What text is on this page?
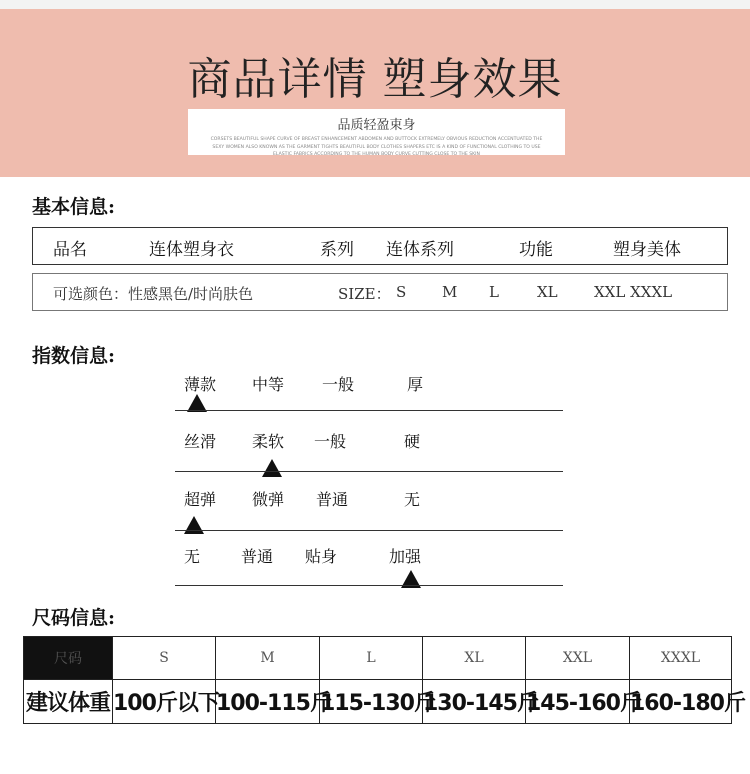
商品详情 塑身效果
品质轻盈束身
CORSETS BEAUTIFUL SHAPE CURVE OF BREAST ENHANCEMENT ABDOMEN AND BUTTOCK EXTREMELY OBVIOUS REDUCTION ACCENTUATED THE SEXY WOMEN ALSO KNOWN AS THE GARMENT TIGHTS BEAUTIFUL BODY CLOTHES SHAPERS ETC IS A KIND OF FUNCTIONAL CLOTHING TO USE ELASTIC FABRICS ACCORDING TO THE HUMAN BODY CURVE CUTTING CLOSE TO THE SKIN
基本信息:
品名	连体塑身衣	系列 连体系列	功能	塑身美体
可选颜色：性感黑色/时尚肤色	SIZE： S M L	XL XXL XXXL
指数信息:
薄款 中等 一般	厚
丝滑 柔软 一般	硬
超弹 微弹 普通	无
无	普通 贴身	加强
尺码信息:
尺码	S	M	L	XL	XXL	XXXL
建议体重	100斤以下	100-115斤	115-130斤	130-145斤	145-160斤	160-180斤
